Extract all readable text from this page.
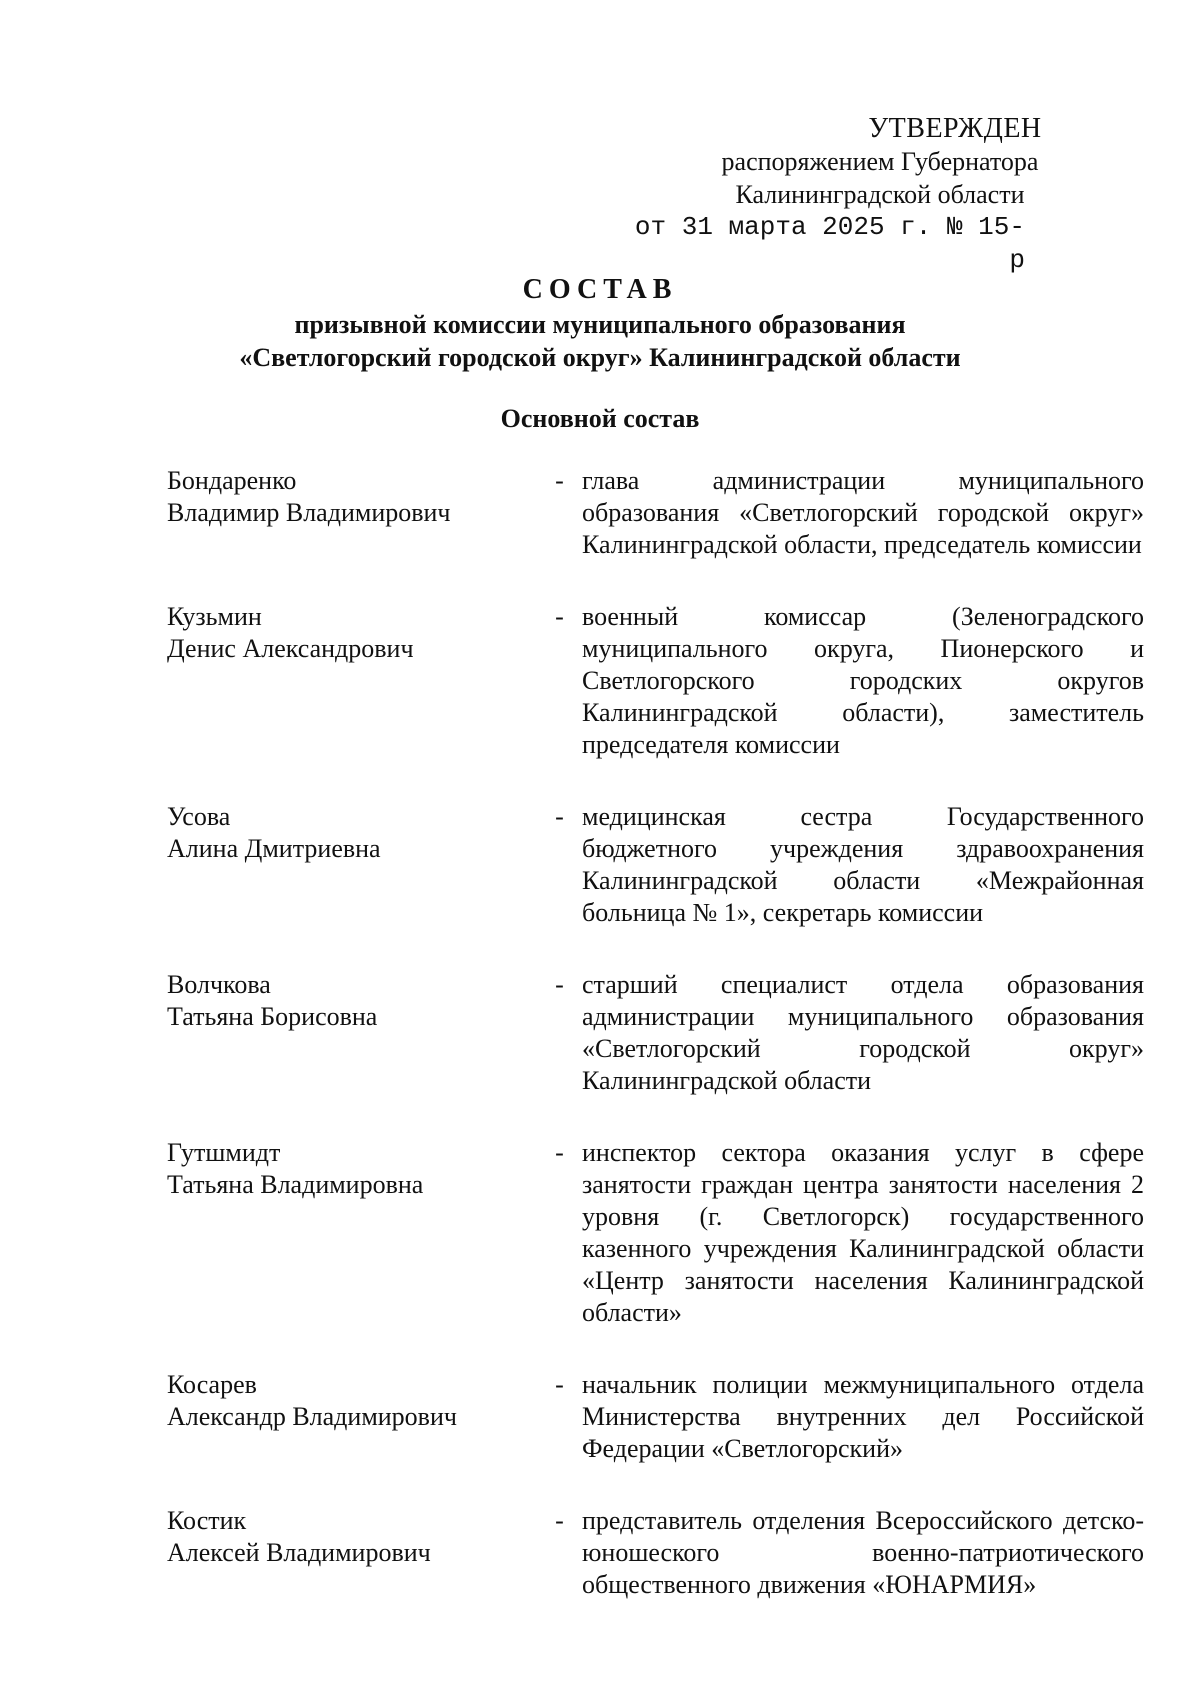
УТВЕРЖДЕН
распоряжением Губернатора
Калининградской области
от 31 марта 2025 г. № 15-р
СОСТАВ
призывной комиссии муниципального образования
«Светлогорский городской округ» Калининградской области
Основной состав
Бондаренко
Владимир Владимирович
- глава администрации муниципального образования «Светлогорский городской округ» Калининградской области, председатель комиссии
Кузьмин
Денис Александрович
- военный комиссар (Зеленоградского муниципального округа, Пионерского и Светлогорского городских округов Калининградской области), заместитель председателя комиссии
Усова
Алина Дмитриевна
- медицинская сестра Государственного бюджетного учреждения здравоохранения Калининградской области «Межрайонная больница № 1», секретарь комиссии
Волчкова
Татьяна Борисовна
- старший специалист отдела образования администрации муниципального образования «Светлогорский городской округ» Калининградской области
Гутшмидт
Татьяна Владимировна
- инспектор сектора оказания услуг в сфере занятости граждан центра занятости населения 2 уровня (г. Светлогорск) государственного казенного учреждения Калининградской области «Центр занятости населения Калининградской области»
Косарев
Александр Владимирович
- начальник полиции межмуниципального отдела Министерства внутренних дел Российской Федерации «Светлогорский»
Костик
Алексей Владимирович
- представитель отделения Всероссийского детско-юношеского военно-патриотического общественного движения «ЮНАРМИЯ»
